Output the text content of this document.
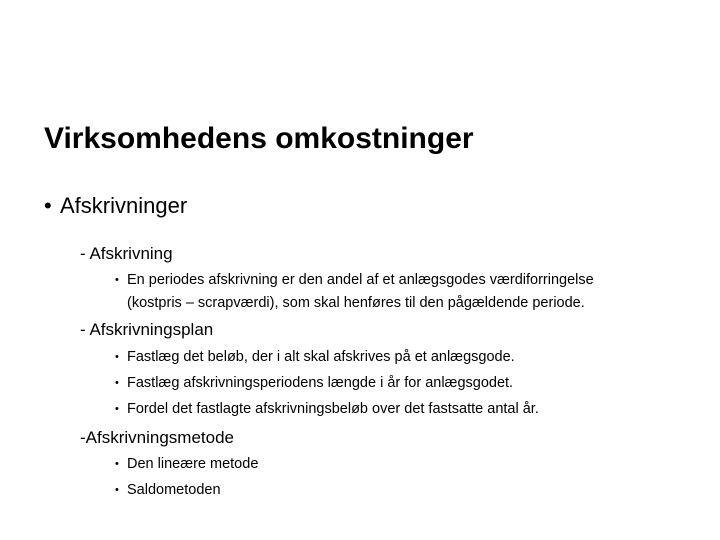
Virksomhedens omkostninger
• Afskrivninger
- Afskrivning
• En periodes afskrivning er den andel af et anlægsgodes værdiforringelse
(kostpris – scrapværdi), som skal henføres til den pågældende periode.
- Afskrivningsplan
• Fastlæg det beløb, der i alt skal afskrives på et anlægsgode.
• Fastlæg afskrivningsperiodens længde i år for anlægsgodet.
• Fordel det fastlagte afskrivningsbeløb over det fastsatte antal år.
-Afskrivningsmetode
• Den lineære metode
• Saldometoden
